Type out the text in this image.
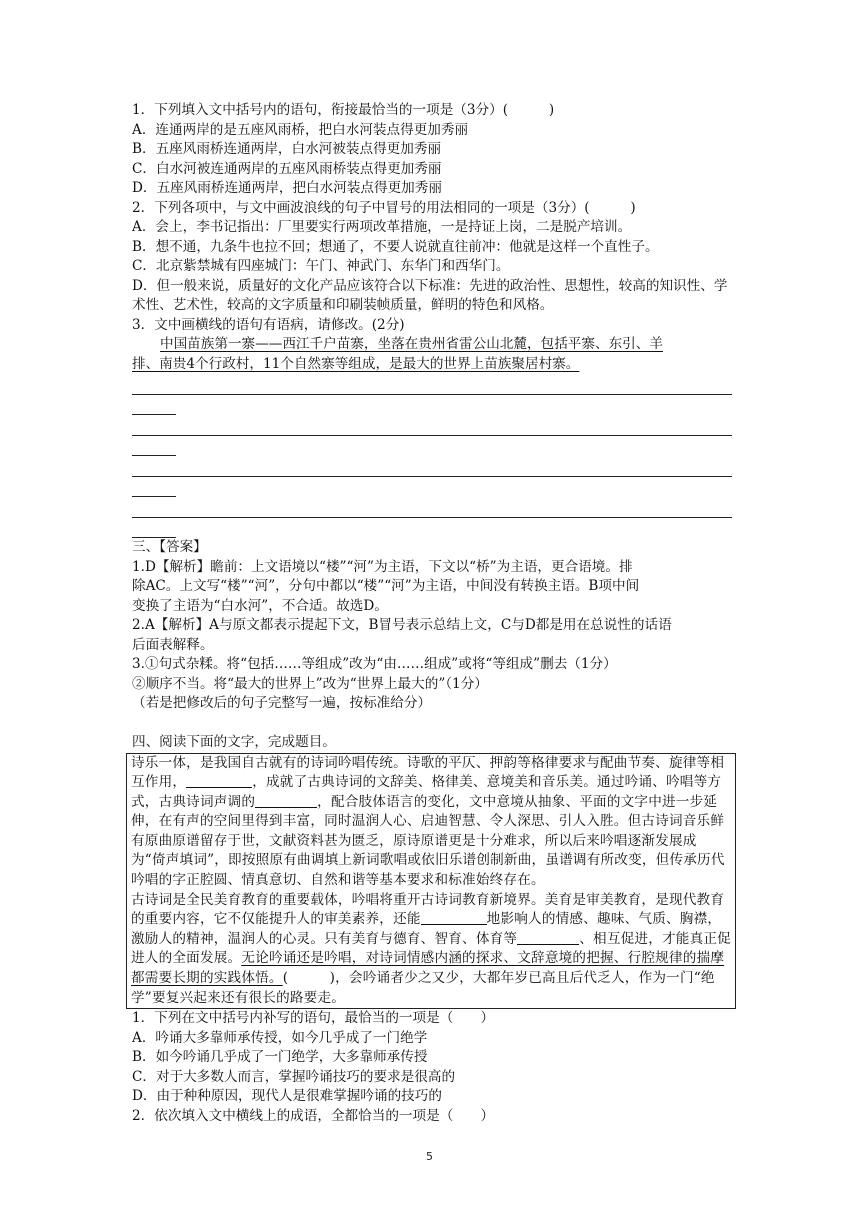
1．下列填入文中括号内的语句，衔接最恰当的一项是（3分）(　　　)
A．连通两岸的是五座风雨桥，把白水河装点得更加秀丽
B．五座风雨桥连通两岸，白水河被装点得更加秀丽
C．白水河被连通两岸的五座风雨桥装点得更加秀丽
D．五座风雨桥连通两岸，把白水河装点得更加秀丽
2．下列各项中，与文中画波浪线的句子中冒号的用法相同的一项是（3分）(　　　)
A．会上，李书记指出：厂里要实行两项改革措施，一是持证上岗，二是脱产培训。
B．想不通，九条牛也拉不回；想通了，不要人说就直往前冲：他就是这样一个直性子。
C．北京紫禁城有四座城门：午门、神武门、东华门和西华门。
D．但一般来说，质量好的文化产品应该符合以下标准：先进的政治性、思想性，较高的知识性、学术性、艺术性，较高的文字质量和印刷装帧质量，鲜明的特色和风格。
3．文中画横线的语句有语病，请修改。(2分)
中国苗族第一寨——西江千户苗寨，坐落在贵州省雷公山北麓，包括平寨、东引、羊
排、南贵4个行政村，11个自然寨等组成，是最大的世界上苗族聚居村寨。
三、【答案】
1.D【解析】瞻前：上文语境以“楼”“河”为主语，下文以“桥”为主语，更合语境。排
除AC。上文写“楼”“河”，分句中都以“楼”“河”为主语，中间没有转换主语。B项中间
变换了主语为“白水河”，不合适。故选D。
2.A【解析】A与原文都表示提起下文，B冒号表示总结上文，C与D都是用在总说性的话语
后面表解释。
3.①句式杂糅。将“包括……等组成”改为“由……组成”或将“等组成”删去（1分）
②顺序不当。将“最大的世界上”改为“世界上最大的”（1分）
（若是把修改后的句子完整写一遍，按标准给分）
四、阅读下面的文字，完成题目。

诗乐一体，是我国自古就有的诗词吟唱传统。诗歌的平仄、押韵等格律要求与配曲节奏、旋律等相互作用，	，成就了古典诗词的文辞美、格律美、意境美和音乐美。通过吟诵、吟唱等方式，古典诗词声调的	，配合肢体语言的变化，文中意境从抽象、平面的文字中进一步延伸，在有声的空间里得到丰富，同时温润人心、启迪智慧、令人深思、引人入胜。但古诗词音乐鲜有原曲原谱留存于世，文献资料甚为匮乏，原诗原谱更是十分难求，所以后来吟唱逐渐发展成为“倚声填词”，即按照原有曲调填上新词歌唱或依旧乐谱创制新曲，虽谱调有所改变，但传承历代吟唱的字正腔圆、情真意切、自然和谐等基本要求和标准始终存在。

古诗词是全民美育教育的重要载体，吟唱将重开古诗词教育新境界。美育是审美教育，是现代教育的重要内容，它不仅能提升人的审美素养，还能	地影响人的情感、趣味、气质、胸襟，激励人的精神，温润人的心灵。只有美育与德育、智育、体育等	、相互促进，才能真正促进人的全面发展。无论吟诵还是吟唱，对诗词情感内涵的探求、文辞意境的把握、行腔规律的揣摩都需要长期的实践体悟。(　　　)，会吟诵者少之又少，大都年岁已高且后代乏人，作为一门“绝学”要复兴起来还有很长的路要走。

1．下列在文中括号内补写的语句，最恰当的一项是（　　）
A．吟诵大多靠师承传授，如今几乎成了一门绝学
B．如今吟诵几乎成了一门绝学，大多靠师承传授
C．对于大多数人而言，掌握吟诵技巧的要求是很高的
D．由于种种原因，现代人是很难掌握吟诵的技巧的
2．依次填入文中横线上的成语，全都恰当的一项是（　　）
5
